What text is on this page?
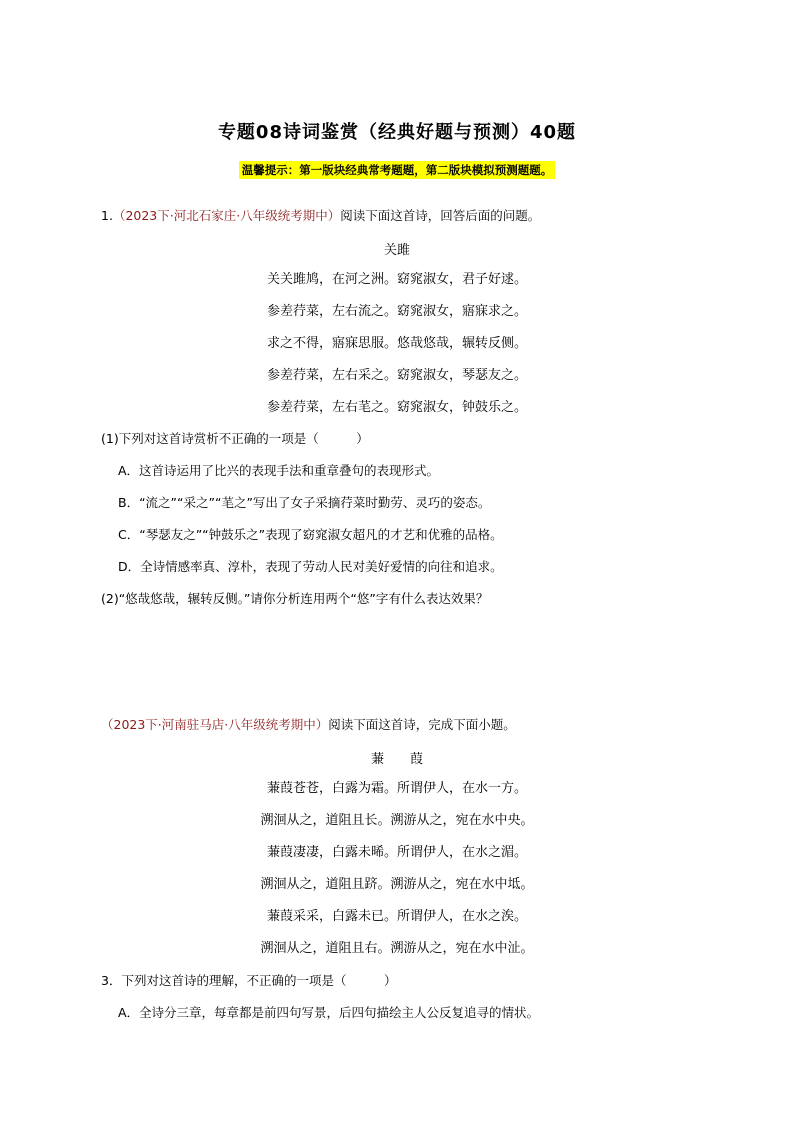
专题08诗词鉴赏（经典好题与预测）40题
温馨提示：第一版块经典常考题题，第二版块模拟预测题题。
1.（2023下·河北石家庄·八年级统考期中）阅读下面这首诗，回答后面的问题。
关雎
关关雎鸠，在河之洲。窈窕淑女，君子好逑。
参差荇菜，左右流之。窈窕淑女，寤寐求之。
求之不得，寤寐思服。悠哉悠哉，辗转反侧。
参差荇菜，左右采之。窈窕淑女，琴瑟友之。
参差荇菜，左右芼之。窈窕淑女，钟鼓乐之。
(1)下列对这首诗赏析不正确的一项是（　　　）
A．这首诗运用了比兴的表现手法和重章叠句的表现形式。
B．“流之”“采之”“芼之”写出了女子采摘荇菜时勤劳、灵巧的姿态。
C．“琴瑟友之”“钟鼓乐之”表现了窈窕淑女超凡的才艺和优雅的品格。
D．全诗情感率真、淳朴，表现了劳动人民对美好爱情的向往和追求。
(2)“悠哉悠哉，辗转反侧。”请你分析连用两个“悠”字有什么表达效果？
（2023下·河南驻马店·八年级统考期中）阅读下面这首诗，完成下面小题。
蒹　　葭
蒹葭苍苍，白露为霜。所谓伊人，在水一方。
溯洄从之，道阻且长。溯游从之，宛在水中央。
蒹葭凄凄，白露未晞。所谓伊人，在水之湄。
溯洄从之，道阻且跻。溯游从之，宛在水中坻。
蒹葭采采，白露未已。所谓伊人，在水之涘。
溯洄从之，道阻且右。溯游从之，宛在水中沚。
3．下列对这首诗的理解，不正确的一项是（　　　）
A．全诗分三章，每章都是前四句写景，后四句描绘主人公反复追寻的情状。
